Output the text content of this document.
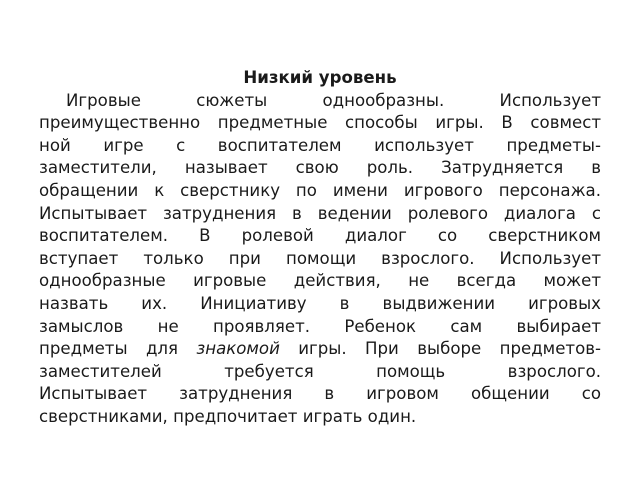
Низкий уровень

Игровые сюжеты однообразны. Использует
преимущественно предметные способы игры. В совмест
ной игре с воспитателем использует предметы-
заместители, называет свою роль. Затрудняется в
обращении к сверстнику по имени игрового персонажа.
Испытывает затруднения в ведении ролевого диалога с
воспитателем. В ролевой диалог со сверстником
вступает только при помощи взрослого. Использует
однообразные игровые действия, не всегда может
назвать их. Инициативу в выдвижении игровых
замыслов не проявляет. Ребенок сам выбирает
предметы для знакомой игры. При выборе предметов-
заместителей требуется помощь взрослого.
Испытывает затруднения в игровом общении со
сверстниками, предпочитает играть один.
